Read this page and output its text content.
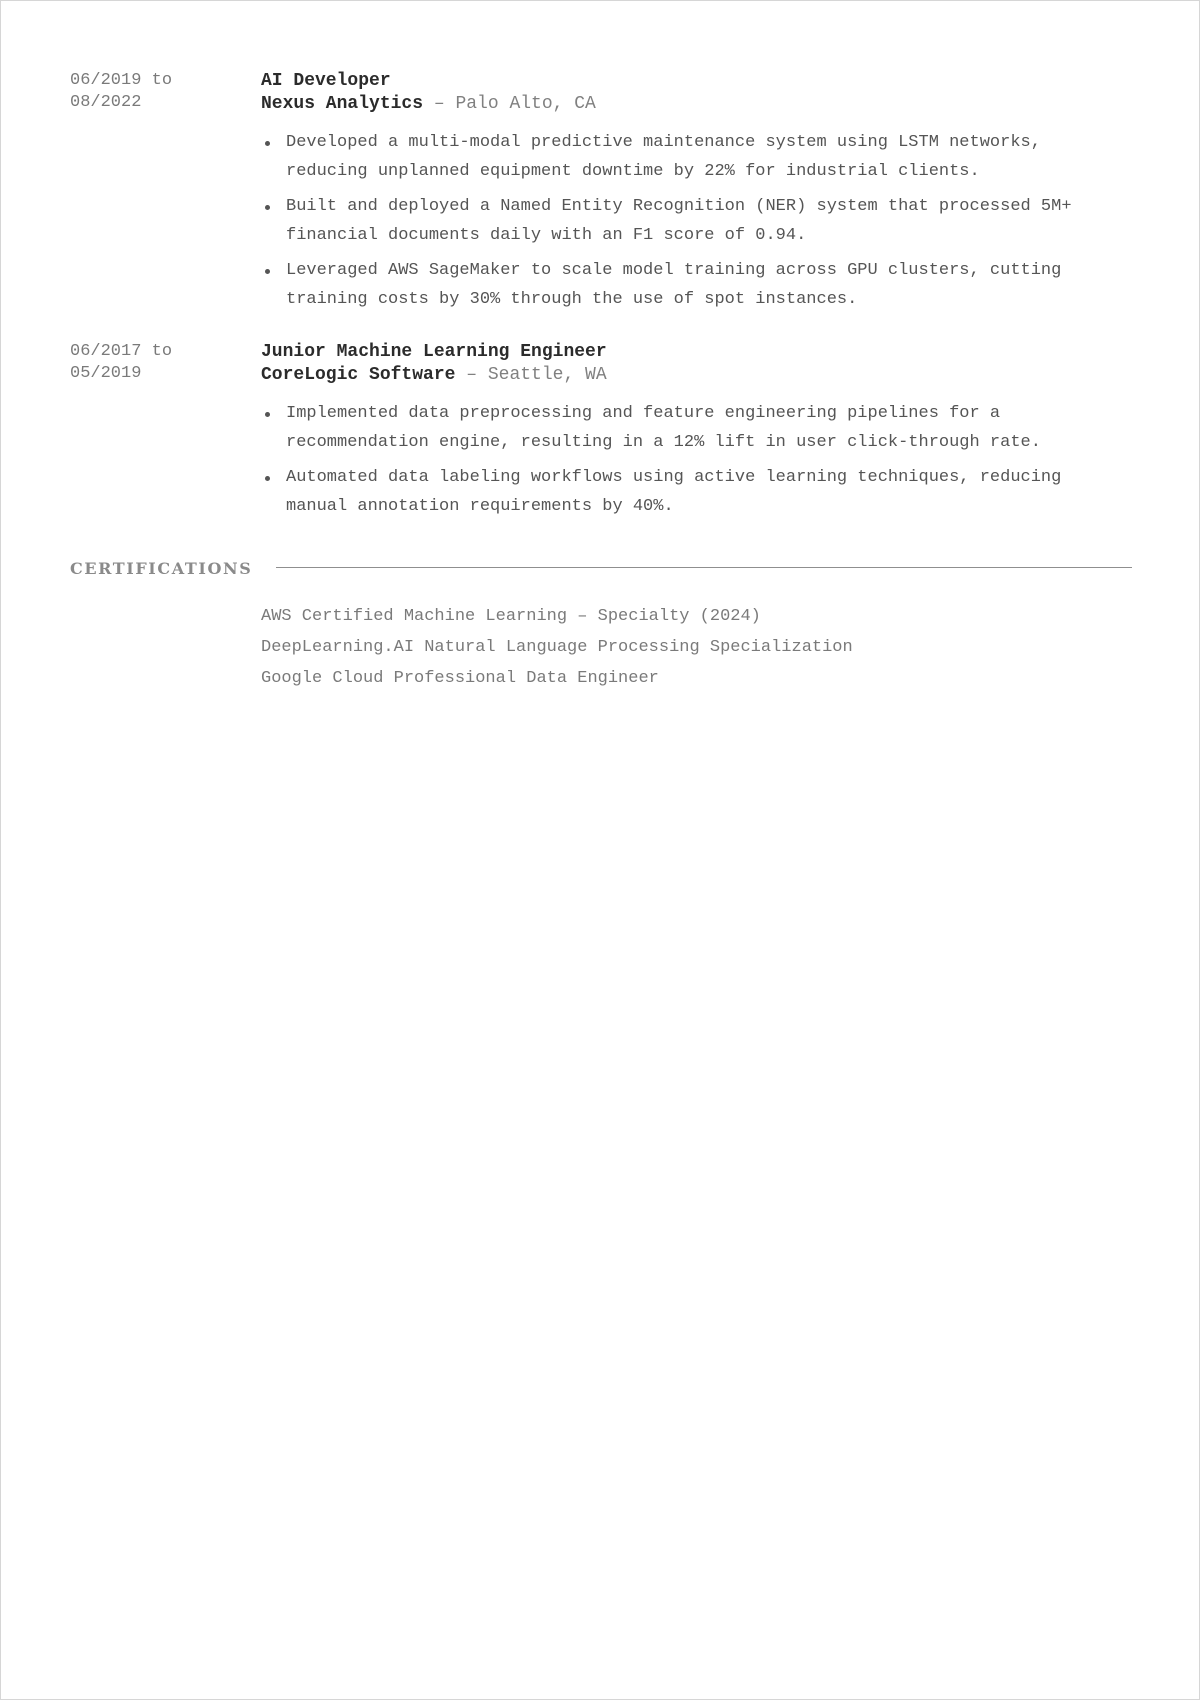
06/2019 to
08/2022

AI Developer

Nexus Analytics – Palo Alto, CA

Developed a multi-modal predictive maintenance system using LSTM networks, reducing unplanned equipment downtime by 22% for industrial clients.
Built and deployed a Named Entity Recognition (NER) system that processed 5M+ financial documents daily with an F1 score of 0.94.
Leveraged AWS SageMaker to scale model training across GPU clusters, cutting training costs by 30% through the use of spot instances.
06/2017 to
05/2019

Junior Machine Learning Engineer

CoreLogic Software – Seattle, WA

Implemented data preprocessing and feature engineering pipelines for a recommendation engine, resulting in a 12% lift in user click-through rate.
Automated data labeling workflows using active learning techniques, reducing manual annotation requirements by 40%.
CERTIFICATIONS

AWS Certified Machine Learning – Specialty (2024)

DeepLearning.AI Natural Language Processing Specialization

Google Cloud Professional Data Engineer
